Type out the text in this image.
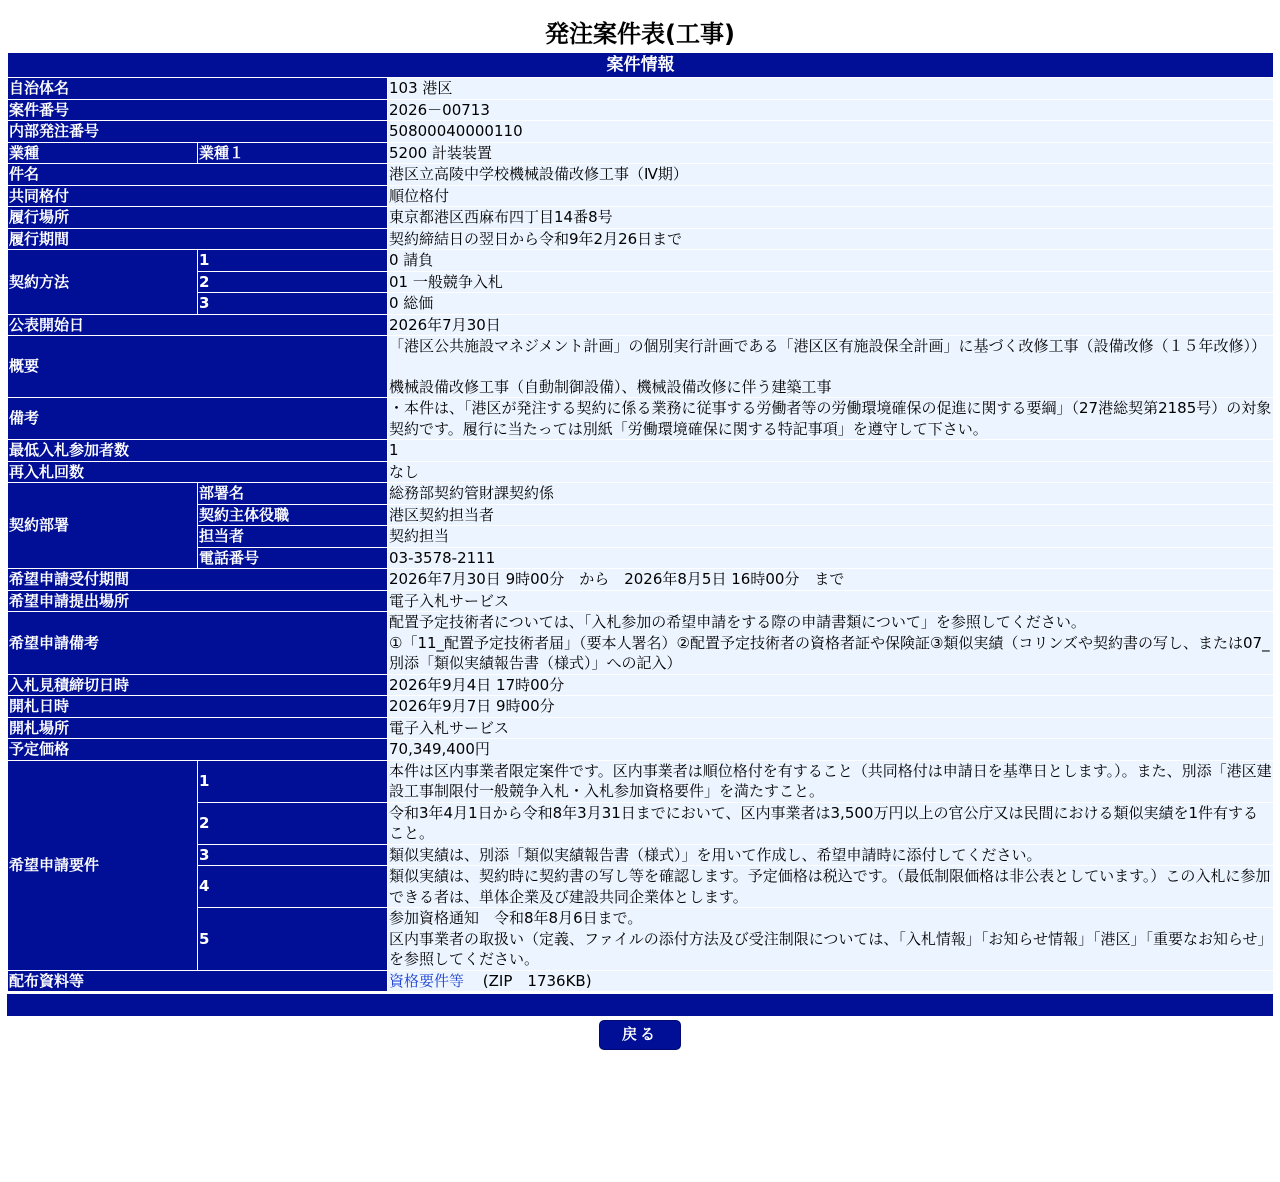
発注案件表(工事)
案件情報		
自治体名		103 港区
案件番号		2026－00713
内部発注番号		50800040000110
業種	業種１	5200 計装装置
件名		港区立高陵中学校機械設備改修工事（Ⅳ期）
共同格付		順位格付
履行場所		東京都港区西麻布四丁目14番8号
履行期間		契約締結日の翌日から令和9年2月26日まで
契約方法	1	0 請負
	2	01 一般競争入札
	3	0 総価
公表開始日		2026年7月30日
概要		「港区公共施設マネジメント計画」の個別実行計画である「港区区有施設保全計画」に基づく改修工事（設備改修（１５年改修））
機械設備改修工事（自動制御設備）、機械設備改修に伴う建築工事

備考		・本件は、「港区が発注する契約に係る業務に従事する労働者等の労働環境確保の促進に関する要綱」（27港総契第2185号）の対象契約です。履行に当たっては別紙「労働環境確保に関する特記事項」を遵守して下さい。
最低入札参加者数		1
再入札回数		なし
契約部署	部署名	総務部契約管財課契約係
	契約主体役職	港区契約担当者
	担当者	契約担当
	電話番号	03-3578-2111
希望申請受付期間		2026年7月30日 9時00分　から　2026年8月5日 16時00分　まで
希望申請提出場所		電子入札サービス
希望申請備考		配置予定技術者については、「入札参加の希望申請をする際の申請書類について」を参照してください。
①「11_配置予定技術者届」（要本人署名）②配置予定技術者の資格者証や保険証③類似実績（コリンズや契約書の写し、または07_別添「類似実績報告書（様式）」への記入）

入札見積締切日時		2026年9月4日 17時00分
開札日時		2026年9月7日 9時00分
開札場所		電子入札サービス
予定価格		70,349,400円
希望申請要件	1	本件は区内事業者限定案件です。区内事業者は順位格付を有すること（共同格付は申請日を基準日とします。）。また、別添「港区建設工事制限付一般競争入札・入札参加資格要件」を満たすこと。
	2	令和3年4月1日から令和8年3月31日までにおいて、区内事業者は3,500万円以上の官公庁又は民間における類似実績を1件有すること。
	3	類似実績は、別添「類似実績報告書（様式）」を用いて作成し、希望申請時に添付してください。
	4	類似実績は、契約時に契約書の写し等を確認します。予定価格は税込です。（最低制限価格は非公表としています。）この入札に参加できる者は、単体企業及び建設共同企業体とします。
	5	参加資格通知　令和8年8月6日まで。
区内事業者の取扱い（定義、ファイルの添付方法及び受注制限については、「入札情報」「お知らせ情報」「港区」「重要なお知らせ」を参照してください。

配布資料等		資格要件等 (ZIP　1736KB)
戻る
